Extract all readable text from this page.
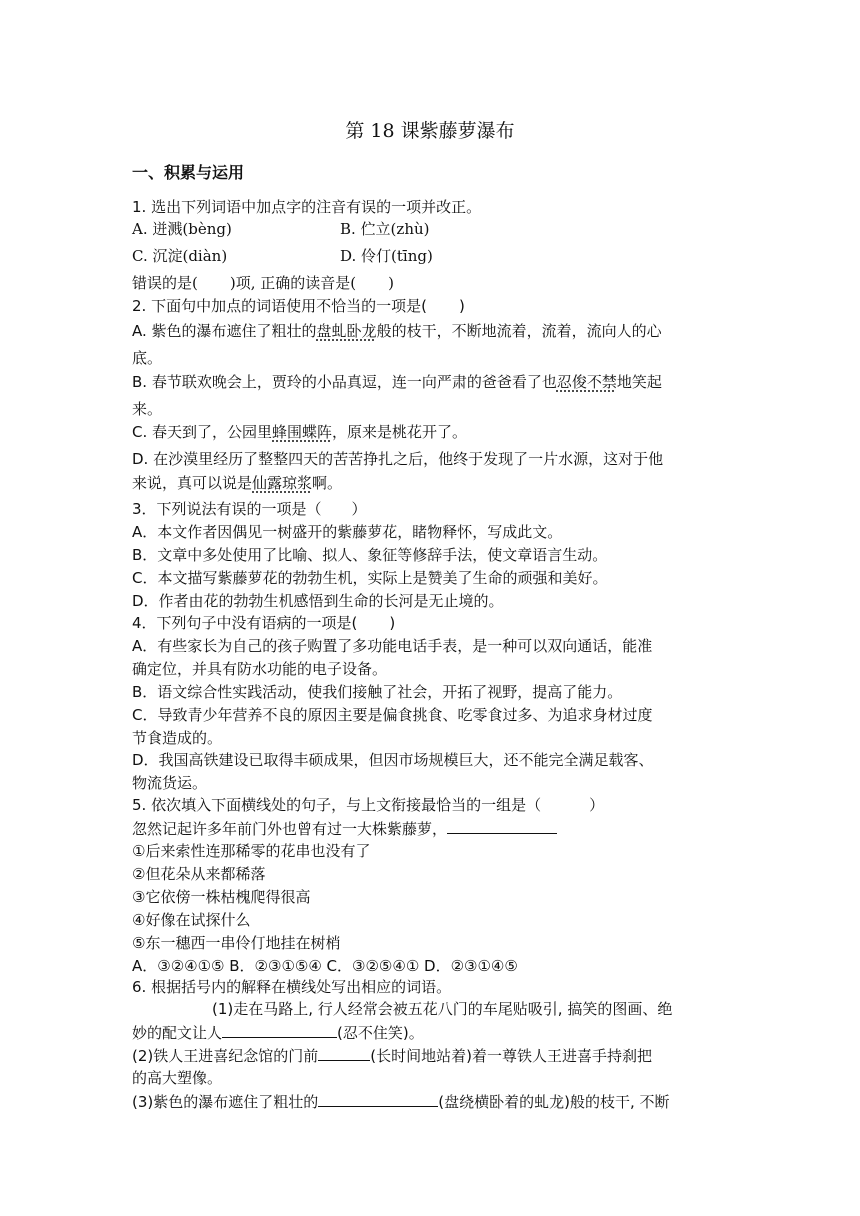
第 18 课紫藤萝瀑布
一、积累与运用
1. 选出下列词语中加点字的注音有误的一项并改正。
A. 迸溅(bèng)	B. 伫立(zhù)
C. 沉淀(diàn)	D. 伶仃(tīng)
错误的是( )项, 正确的读音是( )
2. 下面句中加点的词语使用不恰当的一项是( )
A. 紫色的瀑布遮住了粗壮的盘虬卧龙般的枝干，不断地流着，流着，流向人的心
底。
B. 春节联欢晚会上，贾玲的小品真逗，连一向严肃的爸爸看了也忍俊不禁地笑起
来。
C. 春天到了，公园里蜂围蝶阵，原来是桃花开了。
D. 在沙漠里经历了整整四天的苦苦挣扎之后，他终于发现了一片水源，这对于他
来说，真可以说是仙露琼浆啊。
3．下列说法有误的一项是（　　）
A．本文作者因偶见一树盛开的紫藤萝花，睹物释怀，写成此文。
B．文章中多处使用了比喻、拟人、象征等修辞手法，使文章语言生动。
C．本文描写紫藤萝花的勃勃生机，实际上是赞美了生命的顽强和美好。
D．作者由花的勃勃生机感悟到生命的长河是无止境的。
4．下列句子中没有语病的一项是( )
A．有些家长为自己的孩子购置了多功能电话手表，是一种可以双向通话，能准
确定位，并具有防水功能的电子设备。
B．语文综合性实践活动，使我们接触了社会，开拓了视野，提高了能力。
C．导致青少年营养不良的原因主要是偏食挑食、吃零食过多、为追求身材过度
节食造成的。
D．我国高铁建设已取得丰硕成果，但因市场规模巨大，还不能完全满足载客、
物流货运。
5. 依次填入下面横线处的句子，与上文衔接最恰当的一组是（	）
忽然记起许多年前门外也曾有过一大株紫藤萝，
①后来索性连那稀零的花串也没有了
②但花朵从来都稀落
③它依傍一株枯槐爬得很高
④好像在试探什么
⑤东一穗西一串伶仃地挂在树梢
A．③②④①⑤ B．②③①⑤④ C．③②⑤④① D．②③①④⑤
6. 根据括号内的解释在横线处写出相应的词语。
(1)走在马路上, 行人经常会被五花八门的车尾贴吸引, 搞笑的图画、绝
妙的配文让人	(忍不住笑)。
(2)铁人王进喜纪念馆的门前	(长时间地站着)着一尊铁人王进喜手持刹把
的高大塑像。
(3)紫色的瀑布遮住了粗壮的	(盘绕横卧着的虬龙)般的枝干, 不断
